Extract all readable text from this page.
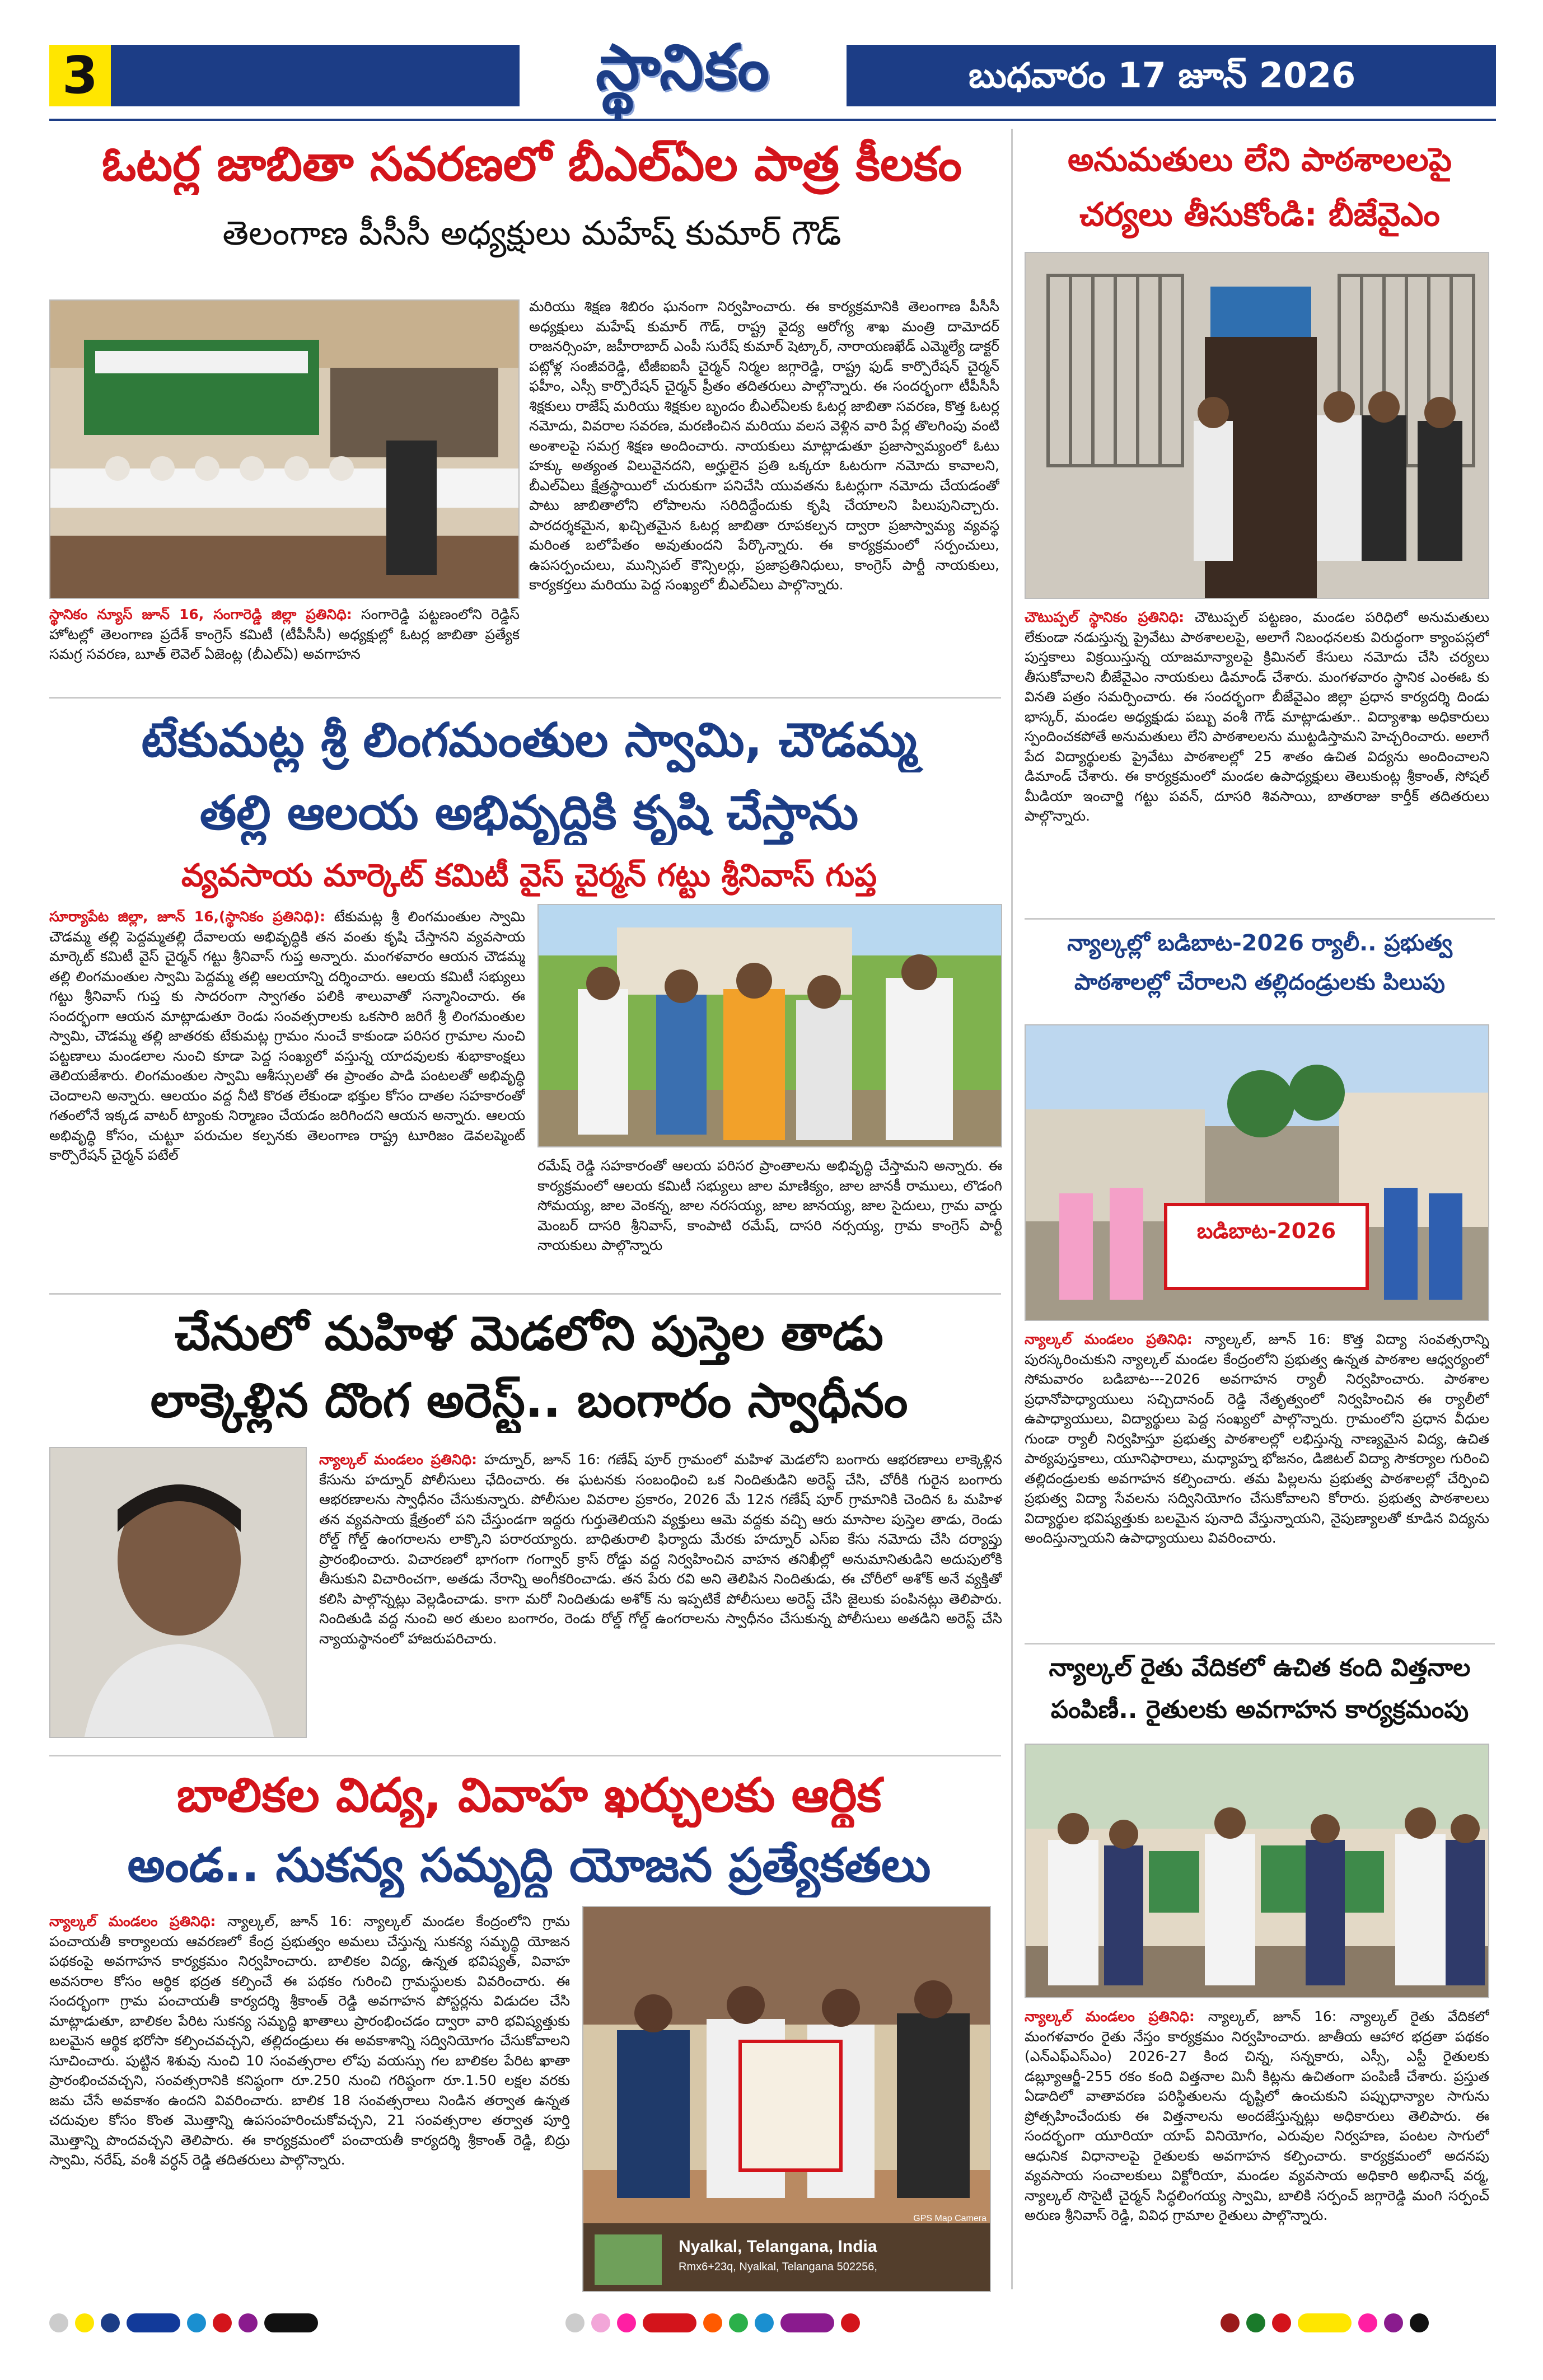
3	స్థానికం	బుధవారం 17 జూన్ 2026
ఓటర్ల జాబితా సవరణలో బీఎల్ఏల పాత్ర కీలకం
తెలంగాణ పీసీసీ అధ్యక్షులు మహేష్ కుమార్ గౌడ్
స్థానికం న్యూస్ జూన్ 16, సంగారెడ్డి జిల్లా ప్రతినిధి: సంగారెడ్డి పట్టణంలోని రెడ్డిస్ హోటల్లో తెలంగాణ ప్రదేశ్ కాంగ్రెస్ కమిటీ (టీపీసీసీ) అధ్యక్షుల్లో ఓటర్ల జాబితా ప్రత్యేక సమగ్ర సవరణ, బూత్ లెవెల్ ఏజెంట్ల (బీఎల్ఏ) అవగాహన
మరియు శిక్షణ శిబిరం ఘనంగా నిర్వహించారు. ఈ కార్యక్రమానికి తెలంగాణ పీసీసీ అధ్యక్షులు మహేష్ కుమార్ గౌడ్, రాష్ట్ర వైద్య ఆరోగ్య శాఖ మంత్రి దామోదర్ రాజనర్సింహ, జహీరాబాద్ ఎంపీ సురేష్ కుమార్ షెట్కార్, నారాయణఖేడ్ ఎమ్మెల్యే డాక్టర్ పట్లోళ్ల సంజీవరెడ్డి, టీజీఐఐసీ చైర్మన్ నిర్మల జగ్గారెడ్డి, రాష్ట్ర ఫుడ్ కార్పొరేషన్ చైర్మన్ ఫహీం, ఎస్సీ కార్పొరేషన్ చైర్మన్ ప్రీతం తదితరులు పాల్గొన్నారు. ఈ సందర్భంగా టీపీసీసీ శిక్షకులు రాజేష్ మరియు శిక్షకుల బృందం బీఎల్ఏలకు ఓటర్ల జాబితా సవరణ, కొత్త ఓటర్ల నమోదు, వివరాల సవరణ, మరణించిన మరియు వలస వెళ్లిన వారి పేర్ల తొలగింపు వంటి అంశాలపై సమగ్ర శిక్షణ అందించారు. నాయకులు మాట్లాడుతూ ప్రజాస్వామ్యంలో ఓటు హక్కు అత్యంత విలువైనదని, అర్హులైన ప్రతి ఒక్కరూ ఓటరుగా నమోదు కావాలని, బీఎల్ఏలు క్షేత్రస్థాయిలో చురుకుగా పనిచేసి యువతను ఓటర్లుగా నమోదు చేయడంతో పాటు జాబితాలోని లోపాలను సరిదిద్దేందుకు కృషి చేయాలని పిలుపునిచ్చారు. పారదర్శకమైన, ఖచ్చితమైన ఓటర్ల జాబితా రూపకల్పన ద్వారా ప్రజాస్వామ్య వ్యవస్థ మరింత బలోపేతం అవుతుందని పేర్కొన్నారు. ఈ కార్యక్రమంలో సర్పంచులు, ఉపసర్పంచులు, మున్సిపల్ కౌన్సిలర్లు, ప్రజాప్రతినిధులు, కాంగ్రెస్ పార్టీ నాయకులు, కార్యకర్తలు మరియు పెద్ద సంఖ్యలో బీఎల్ఏలు పాల్గొన్నారు.
టేకుమట్ల శ్రీ లింగమంతుల స్వామి, చౌడమ్మ
తల్లి ఆలయ అభివృద్ధికి కృషి చేస్తాను
వ్యవసాయ మార్కెట్ కమిటీ వైస్ చైర్మన్ గట్టు శ్రీనివాస్ గుప్త
సూర్యాపేట జిల్లా, జూన్ 16,(స్థానికం ప్రతినిధి): టేకుమట్ల శ్రీ లింగమంతుల స్వామి చౌడమ్మ తల్లి పెద్దమ్మతల్లి దేవాలయ అభివృద్ధికి తన వంతు కృషి చేస్తానని వ్యవసాయ మార్కెట్ కమిటీ వైస్ చైర్మన్ గట్టు శ్రీనివాస్ గుప్త అన్నారు. మంగళవారం ఆయన చౌడమ్మ తల్లి లింగమంతుల స్వామి పెద్దమ్మ తల్లి ఆలయాన్ని దర్శించారు. ఆలయ కమిటీ సభ్యులు గట్టు శ్రీనివాస్ గుప్త కు సాదరంగా స్వాగతం పలికి శాలువాతో సన్మానించారు. ఈ సందర్భంగా ఆయన మాట్లాడుతూ రెండు సంవత్సరాలకు ఒకసారి జరిగే శ్రీ లింగమంతుల స్వామి, చౌడమ్మ తల్లి జాతరకు టేకుమట్ల గ్రామం నుంచే కాకుండా పరిసర గ్రామాల నుంచి పట్టణాలు మండలాల నుంచి కూడా పెద్ద సంఖ్యలో వస్తున్న యాదవులకు శుభాకాంక్షలు తెలియజేశారు. లింగమంతుల స్వామి ఆశీస్సులతో ఈ ప్రాంతం పాడి పంటలతో అభివృద్ధి చెందాలని అన్నారు. ఆలయం వద్ద నీటి కొరత లేకుండా భక్తుల కోసం దాతల సహకారంతో గతంలోనే ఇక్కడ వాటర్ ట్యాంకు నిర్మాణం చేయడం జరిగిందని ఆయన అన్నారు. ఆలయ అభివృద్ధి కోసం, చుట్టూ పరుచుల కల్పనకు తెలంగాణ రాష్ట్ర టూరిజం డెవలప్మెంట్ కార్పొరేషన్ చైర్మన్ పటేల్
రమేష్ రెడ్డి సహకారంతో ఆలయ పరిసర ప్రాంతాలను అభివృద్ధి చేస్తామని అన్నారు. ఈ కార్యక్రమంలో ఆలయ కమిటీ సభ్యులు జాల మాణిక్యం, జాల జానకీ రాములు, లొడంగి సోమయ్య, జాల వెంకన్న, జాల నరసయ్య, జాల జానయ్య, జాల సైదులు, గ్రామ వార్డు మెంబర్ దాసరి శ్రీనివాస్, కాంపాటి రమేష్, దాసరి నర్సయ్య, గ్రామ కాంగ్రెస్ పార్టీ నాయకులు పాల్గొన్నారు
చేనులో మహిళ మెడలోని పుస్తెల తాడు
లాక్కెళ్లిన దొంగ అరెస్ట్.. బంగారం స్వాధీనం
న్యాల్కల్ మండలం ప్రతినిధి: హద్నూర్, జూన్ 16: గణేష్ పూర్ గ్రామంలో మహిళ మెడలోని బంగారు ఆభరణాలు లాక్కెళ్లిన కేసును హద్నూర్ పోలీసులు ఛేదించారు. ఈ ఘటనకు సంబంధించి ఒక నిందితుడిని అరెస్ట్ చేసి, చోరీకి గురైన బంగారు ఆభరణాలను స్వాధీనం చేసుకున్నారు. పోలీసుల వివరాల ప్రకారం, 2026 మే 12న గణేష్ పూర్ గ్రామానికి చెందిన ఓ మహిళ తన వ్యవసాయ క్షేత్రంలో పని చేస్తుండగా ఇద్దరు గుర్తుతెలియని వ్యక్తులు ఆమె వద్దకు వచ్చి ఆరు మాసాల పుస్తెల తాడు, రెండు రోల్డ్ గోల్డ్ ఉంగరాలను లాక్కొని పరారయ్యారు. బాధితురాలి ఫిర్యాదు మేరకు హద్నూర్ ఎస్ఐ కేసు నమోదు చేసి దర్యాప్తు ప్రారంభించారు. విచారణలో భాగంగా గంగ్వార్ క్రాస్ రోడ్డు వద్ద నిర్వహించిన వాహన తనిఖీల్లో అనుమానితుడిని అదుపులోకి తీసుకుని విచారించగా, అతడు నేరాన్ని అంగీకరించాడు. తన పేరు రవి అని తెలిపిన నిందితుడు, ఈ చోరీలో అశోక్ అనే వ్యక్తితో కలిసి పాల్గొన్నట్లు వెల్లడించాడు. కాగా మరో నిందితుడు అశోక్ ను ఇప్పటికే పోలీసులు అరెస్ట్ చేసి జైలుకు పంపినట్లు తెలిపారు. నిందితుడి వద్ద నుంచి అర తులం బంగారం, రెండు రోల్డ్ గోల్డ్ ఉంగరాలను స్వాధీనం చేసుకున్న పోలీసులు అతడిని అరెస్ట్ చేసి న్యాయస్థానంలో హాజరుపరిచారు.
బాలికల విద్య, వివాహ ఖర్చులకు ఆర్థిక
అండ.. సుకన్య సమృద్ధి యోజన ప్రత్యేకతలు
న్యాల్కల్ మండలం ప్రతినిధి: న్యాల్కల్, జూన్ 16: న్యాల్కల్ మండల కేంద్రంలోని గ్రామ పంచాయతీ కార్యాలయ ఆవరణలో కేంద్ర ప్రభుత్వం అమలు చేస్తున్న సుకన్య సమృద్ధి యోజన పథకంపై అవగాహన కార్యక్రమం నిర్వహించారు. బాలికల విద్య, ఉన్నత భవిష్యత్, వివాహ అవసరాల కోసం ఆర్థిక భద్రత కల్పించే ఈ పథకం గురించి గ్రామస్థులకు వివరించారు. ఈ సందర్భంగా గ్రామ పంచాయతీ కార్యదర్శి శ్రీకాంత్ రెడ్డి అవగాహన పోస్టర్లను విడుదల చేసి మాట్లాడుతూ, బాలికల పేరిట సుకన్య సమృద్ధి ఖాతాలు ప్రారంభించడం ద్వారా వారి భవిష్యత్తుకు బలమైన ఆర్థిక భరోసా కల్పించవచ్చని, తల్లిదండ్రులు ఈ అవకాశాన్ని సద్వినియోగం చేసుకోవాలని సూచించారు. పుట్టిన శిశువు నుంచి 10 సంవత్సరాల లోపు వయస్సు గల బాలికల పేరిట ఖాతా ప్రారంభించవచ్చని, సంవత్సరానికి కనిష్ఠంగా రూ.250 నుంచి గరిష్ఠంగా రూ.1.50 లక్షల వరకు జమ చేసే అవకాశం ఉందని వివరించారు. బాలిక 18 సంవత్సరాలు నిండిన తర్వాత ఉన్నత చదువుల కోసం కొంత మొత్తాన్ని ఉపసంహరించుకోవచ్చని, 21 సంవత్సరాల తర్వాత పూర్తి మొత్తాన్ని పొందవచ్చని తెలిపారు. ఈ కార్యక్రమంలో పంచాయతీ కార్యదర్శి శ్రీకాంత్ రెడ్డి, బిద్రు స్వామి, నరేష్, వంశీ వర్ధన్ రెడ్డి తదితరులు పాల్గొన్నారు.
Nyalkal, Telangana, India
Rmx6+23q, Nyalkal, Telangana 502256,
GPS Map Camera
అనుమతులు లేని పాఠశాలలపై
చర్యలు తీసుకోండి: బీజేవైఎం
చౌటుప్పల్ స్థానికం ప్రతినిధి: చౌటుప్పల్ పట్టణం, మండల పరిధిలో అనుమతులు లేకుండా నడుస్తున్న ప్రైవేటు పాఠశాలలపై, అలాగే నిబంధనలకు విరుద్ధంగా క్యాంపస్లలో పుస్తకాలు విక్రయిస్తున్న యాజమాన్యాలపై క్రిమినల్ కేసులు నమోదు చేసి చర్యలు తీసుకోవాలని బీజేవైఎం నాయకులు డిమాండ్ చేశారు. మంగళవారం స్థానిక ఎంఈఓ కు వినతి పత్రం సమర్పించారు. ఈ సందర్భంగా బీజేవైఎం జిల్లా ప్రధాన కార్యదర్శి దిండు భాస్కర్, మండల అధ్యక్షుడు పబ్బు వంశీ గౌడ్ మాట్లాడుతూ.. విద్యాశాఖ అధికారులు స్పందించకపోతే అనుమతులు లేని పాఠశాలలను ముట్టడిస్తామని హెచ్చరించారు. అలాగే పేద విద్యార్థులకు ప్రైవేటు పాఠశాలల్లో 25 శాతం ఉచిత విద్యను అందించాలని డిమాండ్ చేశారు. ఈ కార్యక్రమంలో మండల ఉపాధ్యక్షులు తెలుకుంట్ల శ్రీకాంత్, సోషల్ మీడియా ఇంచార్జి గట్టు పవన్, దూసరి శివసాయి, బాతరాజు కార్తీక్ తదితరులు పాల్గొన్నారు.
న్యాల్కల్లో బడిబాట-2026 ర్యాలీ.. ప్రభుత్వ
పాఠశాలల్లో చేరాలని తల్లిదండ్రులకు పిలుపు
బడిబాట-2026
న్యాల్కల్ మండలం ప్రతినిధి: న్యాల్కల్, జూన్ 16: కొత్త విద్యా సంవత్సరాన్ని పురస్కరించుకుని న్యాల్కల్ మండల కేంద్రంలోని ప్రభుత్వ ఉన్నత పాఠశాల ఆధ్వర్యంలో సోమవారం బడిబాట---2026 అవగాహన ర్యాలీ నిర్వహించారు. పాఠశాల ప్రధానోపాధ్యాయులు సచ్చిదానంద్ రెడ్డి నేతృత్వంలో నిర్వహించిన ఈ ర్యాలీలో ఉపాధ్యాయులు, విద్యార్థులు పెద్ద సంఖ్యలో పాల్గొన్నారు. గ్రామంలోని ప్రధాన వీధుల గుండా ర్యాలీ నిర్వహిస్తూ ప్రభుత్వ పాఠశాలల్లో లభిస్తున్న నాణ్యమైన విద్య, ఉచిత పాఠ్యపుస్తకాలు, యూనిఫారాలు, మధ్యాహ్న భోజనం, డిజిటల్ విద్యా సౌకర్యాల గురించి తల్లిదండ్రులకు అవగాహన కల్పించారు. తమ పిల్లలను ప్రభుత్వ పాఠశాలల్లో చేర్పించి ప్రభుత్వ విద్యా సేవలను సద్వినియోగం చేసుకోవాలని కోరారు. ప్రభుత్వ పాఠశాలలు విద్యార్థుల భవిష్యత్తుకు బలమైన పునాది వేస్తున్నాయని, నైపుణ్యాలతో కూడిన విద్యను అందిస్తున్నాయని ఉపాధ్యాయులు వివరించారు.
న్యాల్కల్ రైతు వేదికలో ఉచిత కంది విత్తనాల
పంపిణీ.. రైతులకు అవగాహన కార్యక్రమంపు
న్యాల్కల్ మండలం ప్రతినిధి: న్యాల్కల్, జూన్ 16: న్యాల్కల్ రైతు వేదికలో మంగళవారం రైతు నేస్తం కార్యక్రమం నిర్వహించారు. జాతీయ ఆహార భద్రతా పథకం (ఎన్ఎఫ్ఎస్ఎం) 2026-27 కింద చిన్న, సన్నకారు, ఎస్సీ, ఎస్టీ రైతులకు డబ్ల్యూఆర్జీ-255 రకం కంది విత్తనాల మినీ కిట్లను ఉచితంగా పంపిణీ చేశారు. ప్రస్తుత ఏడాదిలో వాతావరణ పరిస్థితులను దృష్టిలో ఉంచుకుని పప్పుధాన్యాల సాగును ప్రోత్సహించేందుకు ఈ విత్తనాలను అందజేస్తున్నట్లు అధికారులు తెలిపారు. ఈ సందర్భంగా యూరియా యాప్ వినియోగం, ఎరువుల నిర్వహణ, పంటల సాగులో ఆధునిక విధానాలపై రైతులకు అవగాహన కల్పించారు. కార్యక్రమంలో అదనపు వ్యవసాయ సంచాలకులు విక్టోరియా, మండల వ్యవసాయ అధికారి అభినాష్ వర్మ, న్యాల్కల్ సొసైటీ చైర్మన్ సిద్ధలింగయ్య స్వామి, బాలికి సర్పంచ్ జగ్గారెడ్డి మంగి సర్పంచ్ అరుణ శ్రీనివాస్ రెడ్డి, వివిధ గ్రామాల రైతులు పాల్గొన్నారు.
